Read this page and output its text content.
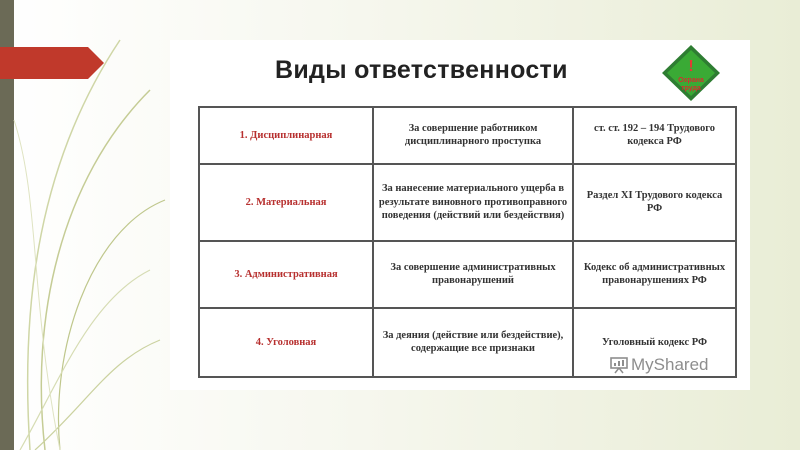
Виды ответственности	!
Охрана
труда
1. Дисциплинарная	За совершение работником дисциплинарного проступка	ст. ст. 192 – 194 Трудового кодекса РФ
2. Материальная	За нанесение материального ущерба в результате виновного противоправного поведения (действий или бездействия)	Раздел XI Трудового кодекса РФ
3. Административная	За совершение административных правонарушений	Кодекс об административных правонарушениях РФ
4. Уголовная	За деяния (действие или бездействие), содержащие все признаки	Уголовный кодекс РФ
MyShared
